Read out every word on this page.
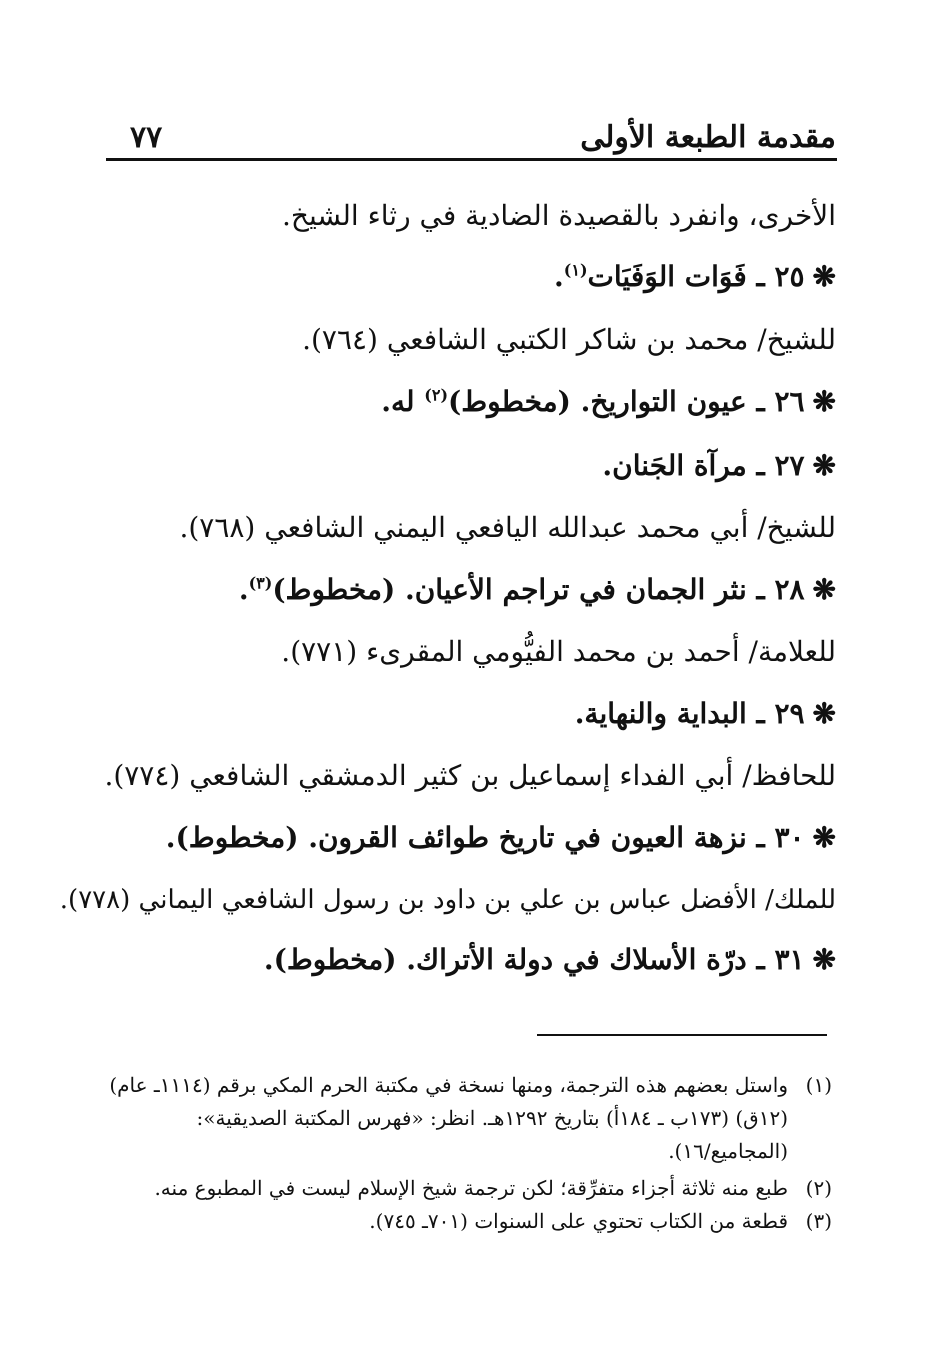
مقدمة الطبعة الأولى
٧٧
الأخرى، وانفرد بالقصيدة الضادية في رثاء الشيخ.
❋٢٥ ـ فَوَات الوَفَيَات$^{(١)}$.
للشيخ/ محمد بن شاكر الكتبي الشافعي (٧٦٤).
❋٢٦ ـ عيون التواريخ. (مخطوط)$^{(٢)}$ له.
❋٢٧ ـ مرآة الجَنان.
للشيخ/ أبي محمد عبدالله اليافعي اليمني الشافعي (٧٦٨).
❋٢٨ ـ نثر الجمان في تراجم الأعيان. (مخطوط)$^{(٣)}$.
للعلامة/ أحمد بن محمد الفيُّومي المقرىء (٧٧١).
❋٢٩ ـ البداية والنهاية.
للحافظ/ أبي الفداء إسماعيل بن كثير الدمشقي الشافعي (٧٧٤).
❋٣٠ ـ نزهة العيون في تاريخ طوائف القرون. (مخطوط).
للملك/ الأفضل عباس بن علي بن داود بن رسول الشافعي اليماني (٧٧٨).
❋٣١ ـ درّة الأسلاك في دولة الأتراك. (مخطوط).
(١)واستل بعضهم هذه الترجمة، ومنها نسخة في مكتبة الحرم المكي برقم (١١١٤ـ عام)
(١٢ق) (١٧٣ب ـ ١٨٤أ) بتاريخ ١٢٩٢هـ. انظر: «فهرس المكتبة الصديقية»:
(المجاميع/١٦).
(٢)طبع منه ثلاثة أجزاء متفرِّقة؛ لكن ترجمة شيخ الإسلام ليست في المطبوع منه.
(٣)قطعة من الكتاب تحتوي على السنوات (٧٠١ـ ٧٤٥).
